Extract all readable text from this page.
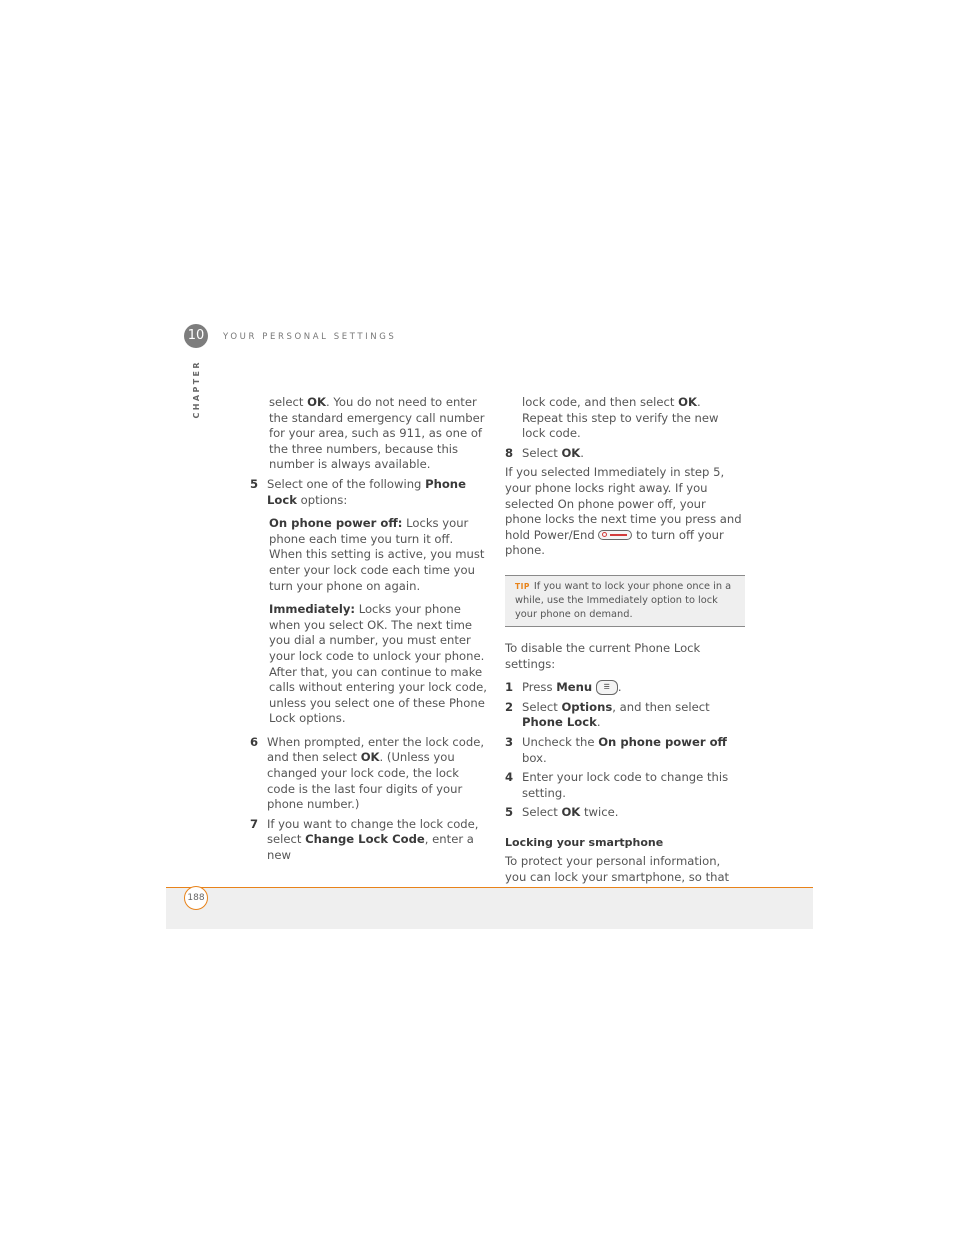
10	YOUR PERSONAL SETTINGS
CHAPTER	select OK. You do not need to enter the standard emergency call number for your area, such as 911, as one of the three numbers, because this number is always available.

5 Select one of the following Phone Lock options:

On phone power off: Locks your phone each time you turn it off. When this setting is active, you must enter your lock code each time you turn your phone on again.

Immediately: Locks your phone when you select OK. The next time you dial a number, you must enter your lock code to unlock your phone. After that, you can continue to make calls without entering your lock code, unless you select one of these Phone Lock options.

6 When prompted, enter the lock code, and then select OK. (Unless you changed your lock code, the lock code is the last four digits of your phone number.)
7 If you want to change the lock code, select Change Lock Code, enter a new

lock code, and then select OK. Repeat this step to verify the new lock code.

8 Select OK.

If you selected Immediately in step 5, your phone locks right away. If you selected On phone power off, your phone locks the next time you press and hold Power/End	to turn off your phone.

TIP If you want to lock your phone once in a while, use the Immediately option to lock your phone on demand.

To disable the current Phone Lock settings:

1 Press Menu ☰ .
2 Select Options, and then select Phone Lock.
3 Uncheck the On phone power off box.
4 Enter your lock code to change this setting.
5 Select OK twice.

Locking your smartphone

To protect your personal information, you can lock your smartphone, so that

188
